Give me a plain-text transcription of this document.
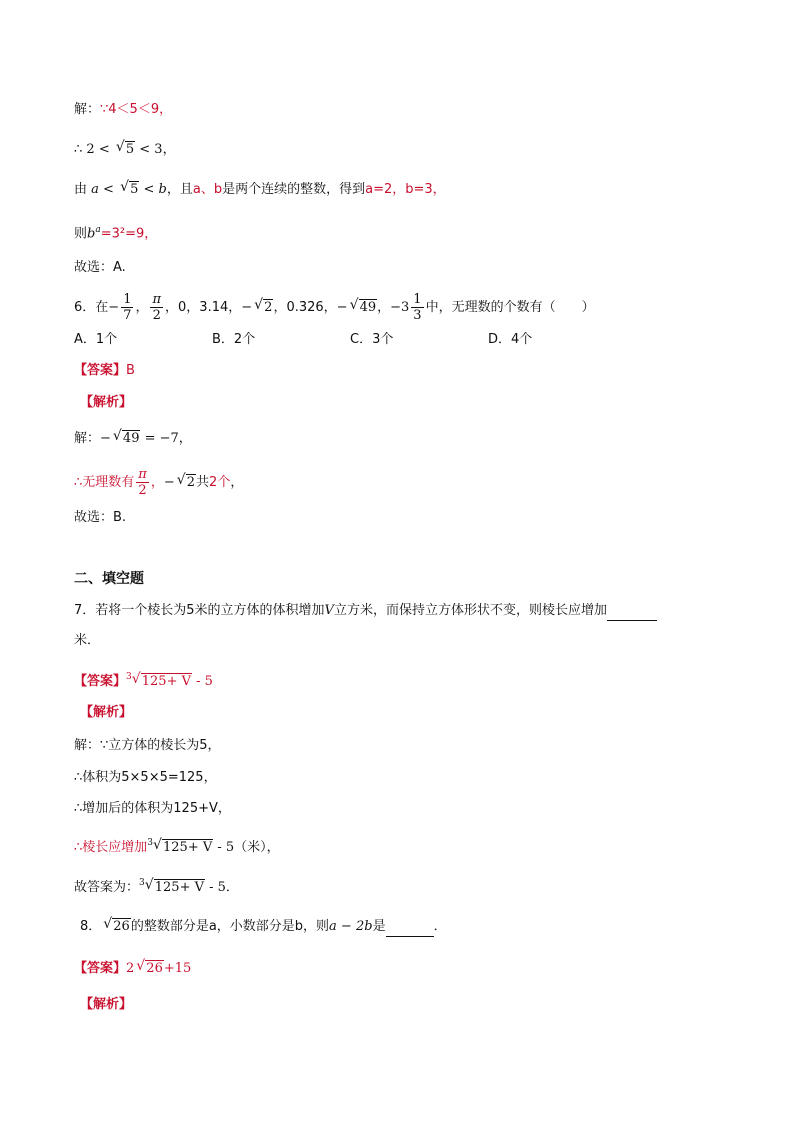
解：∵4＜5＜9，
∴ 2 < √ 5 < 3，
由 a < √ 5 < b，且a、b是两个连续的整数，得到a=2，b=3，
则$b^a=3^2=9$，
故选：A.
6．在− $\frac{1}{7}$ ， $\frac{\pi}{2}$ ，0，3.14，− √ 2，0.3̇2̇6，− √ 49，$-3 \frac{1}{3}$ 中，无理数的个数有（　　）
A．1个	B．2个	C．3个	D．4个
【答案】B
【解析】
解：− √ 49 = −7，
∴无理数有 $\frac{\pi}{2}$ ，− √ 2共2个，
故选：B.
二、填空题
7．若将一个棱长为5米的立方体的体积增加V立方米，而保持立方体形状不变，则棱长应增加
米．
【答案】$^3$ √ 125+ V - 5
【解析】
解：∵立方体的棱长为5，
∴体积为5×5×5=125，
∴增加后的体积为125+V，
∴棱长应增加$^3$ √ 125+ V - 5（米），
故答案为：$^3$ √ 125+ V - 5．
8． √ 26的整数部分是a，小数部分是b，则a − 2b是	．
【答案】2 √ 26+15
【解析】
